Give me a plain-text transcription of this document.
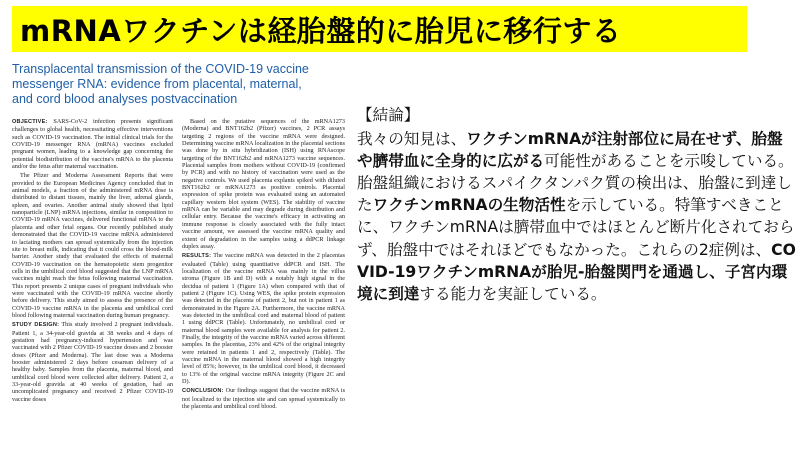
mRNAワクチンは経胎盤的に胎児に移行する
Transplacental transmission of the COVID-19 vaccine messenger RNA: evidence from placental, maternal, and cord blood analyses postvaccination

OBJECTIVE: SARS-CoV-2 infection presents significant challenges to global health, necessitating effective interventions such as COVID-19 vaccination. The initial clinical trials for the COVID-19 messenger RNA (mRNA) vaccines excluded pregnant women, leading to a knowledge gap concerning the potential biodistribution of the vaccine's mRNA to the placenta and/or the fetus after maternal vaccination.

The Pfizer and Moderna Assessment Reports that were provided to the European Medicines Agency concluded that in animal models, a fraction of the administered mRNA dose is distributed to distant tissues, mainly the liver, adrenal glands, spleen, and ovaries. Another animal study showed that lipid nanoparticle (LNP) mRNA injections, similar in composition to COVID-19 mRNA vaccines, delivered functional mRNA to the placenta and other fetal organs. Our recently published study demonstrated that the COVID-19 vaccine mRNA administered to lactating mothers can spread systemically from the injection site to breast milk, indicating that it could cross the blood-milk barrier. Another study that evaluated the effects of maternal COVID-19 vaccination on the hematopoietic stem progenitor cells in the umbilical cord blood suggested that the LNP mRNA vaccines might reach the fetus following maternal vaccination. This report presents 2 unique cases of pregnant individuals who were vaccinated with the COVID-19 mRNA vaccine shortly before delivery. This study aimed to assess the presence of the COVID-19 vaccine mRNA in the placenta and umbilical cord blood following maternal vaccination during human pregnancy.

STUDY DESIGN: This study involved 2 pregnant individuals. Patient 1, a 34-year-old gravida at 38 weeks and 4 days of gestation had pregnancy-induced hypertension and was vaccinated with 2 Pfizer COVID-19 vaccine doses and 2 booster doses (Pfizer and Moderna). The last dose was a Moderna booster administered 2 days before cesarean delivery of a healthy baby. Samples from the placenta, maternal blood, and umbilical cord blood were collected after delivery. Patient 2, a 33-year-old gravida at 40 weeks of gestation, had an uncomplicated pregnancy and received 2 Pfizer COVID-19 vaccine doses

Based on the putative sequences of the mRNA1273 (Moderna) and BNT162b2 (Pfizer) vaccines, 2 PCR assays targeting 2 regions of the vaccine mRNA were designed. Determining vaccine mRNA localization in the placental sections was done by in situ hybridization (ISH) using RNAscope targeting of the BNT162b2 and mRNA1273 vaccine sequences. Placental samples from mothers without COVID-19 (confirmed by PCR) and with no history of vaccination were used as the negative controls. We used placenta explants spiked with diluted BNT162b2 or mRNA1273 as positive controls. Placental expression of spike protein was evaluated using an automated capillary western blot system (WES). The stability of vaccine mRNA can be variable and may degrade during distribution and cellular entry. Because the vaccine's efficacy in activating an immune response is closely associated with the fully intact vaccine amount, we assessed the vaccine mRNA quality and extent of degradation in the samples using a ddPCR linkage duplex assay.

RESULTS: The vaccine mRNA was detected in the 2 placentas evaluated (Table) using quantitative ddPCR and ISH. The localization of the vaccine mRNA was mainly in the villus stroma (Figure 1B and D) with a notably high signal in the decidua of patient 1 (Figure 1A) when compared with that of patient 2 (Figure 1C). Using WES, the spike protein expression was detected in the placenta of patient 2, but not in patient 1 as demonstrated in the Figure 2A. Furthermore, the vaccine mRNA was detected in the umbilical cord and maternal blood of patient 1 using ddPCR (Table). Unfortunately, no umbilical cord or maternal blood samples were available for analysis for patient 2. Finally, the integrity of the vaccine mRNA varied across different samples. In the placentas, 23% and 42% of the original integrity were retained in patients 1 and 2, respectively (Table). The vaccine mRNA in the maternal blood showed a high integrity level of 85%; however, in the umbilical cord blood, it decreased to 13% of the original vaccine mRNA integrity (Figure 2C and D).

CONCLUSION: Our findings suggest that the vaccine mRNA is not localized to the injection site and can spread systemically to the placenta and umbilical cord blood.

【結論】

我々の知見は、ワクチンmRNAが注射部位に局在せず、胎盤や臍帯血に全身的に広がる可能性があることを示唆している。胎盤組織におけるスパイクタンパク質の検出は、胎盤に到達したワクチンmRNAの生物活性を示している。特筆すべきことに、ワクチンmRNAは臍帯血中ではほとんど断片化されておらず、胎盤中ではそれほどでもなかった。これらの2症例は、COVID-19ワクチンmRNAが胎児-胎盤関門を通過し、子宮内環境に到達する能力を実証している。
